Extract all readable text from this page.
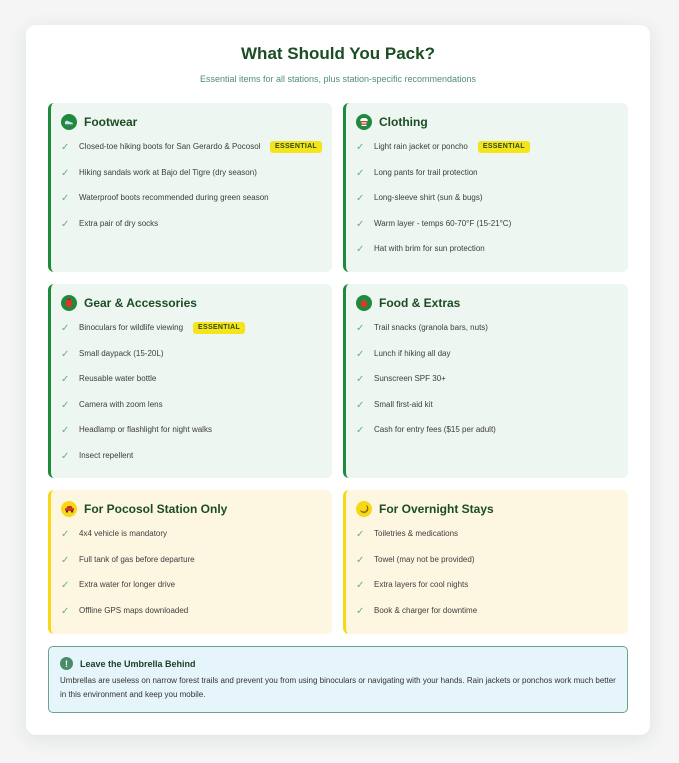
What Should You Pack?

Essential items for all stations, plus station-specific recommendations

Footwear
✓	Closed-toe hiking boots for San Gerardo & Pocosol	ESSENTIAL
✓	Hiking sandals work at Bajo del Tigre (dry season)
✓	Waterproof boots recommended during green season
✓	Extra pair of dry socks
Clothing
✓	Light rain jacket or poncho	ESSENTIAL
✓	Long pants for trail protection
✓	Long-sleeve shirt (sun & bugs)
✓	Warm layer - temps 60-70°F (15-21°C)
✓	Hat with brim for sun protection
Gear & Accessories
✓	Binoculars for wildlife viewing	ESSENTIAL
✓	Small daypack (15-20L)
✓	Reusable water bottle
✓	Camera with zoom lens
✓	Headlamp or flashlight for night walks
✓	Insect repellent
Food & Extras
✓	Trail snacks (granola bars, nuts)
✓	Lunch if hiking all day
✓	Sunscreen SPF 30+
✓	Small first-aid kit
✓	Cash for entry fees ($15 per adult)
For Pocosol Station Only
✓	4x4 vehicle is mandatory
✓	Full tank of gas before departure
✓	Extra water for longer drive
✓	Offline GPS maps downloaded
For Overnight Stays
✓	Toiletries & medications
✓	Towel (may not be provided)
✓	Extra layers for cool nights
✓	Book & charger for downtime
!	Leave the Umbrella Behind

Umbrellas are useless on narrow forest trails and prevent you from using binoculars or navigating with your hands. Rain jackets or ponchos work much better in this environment and keep you mobile.
